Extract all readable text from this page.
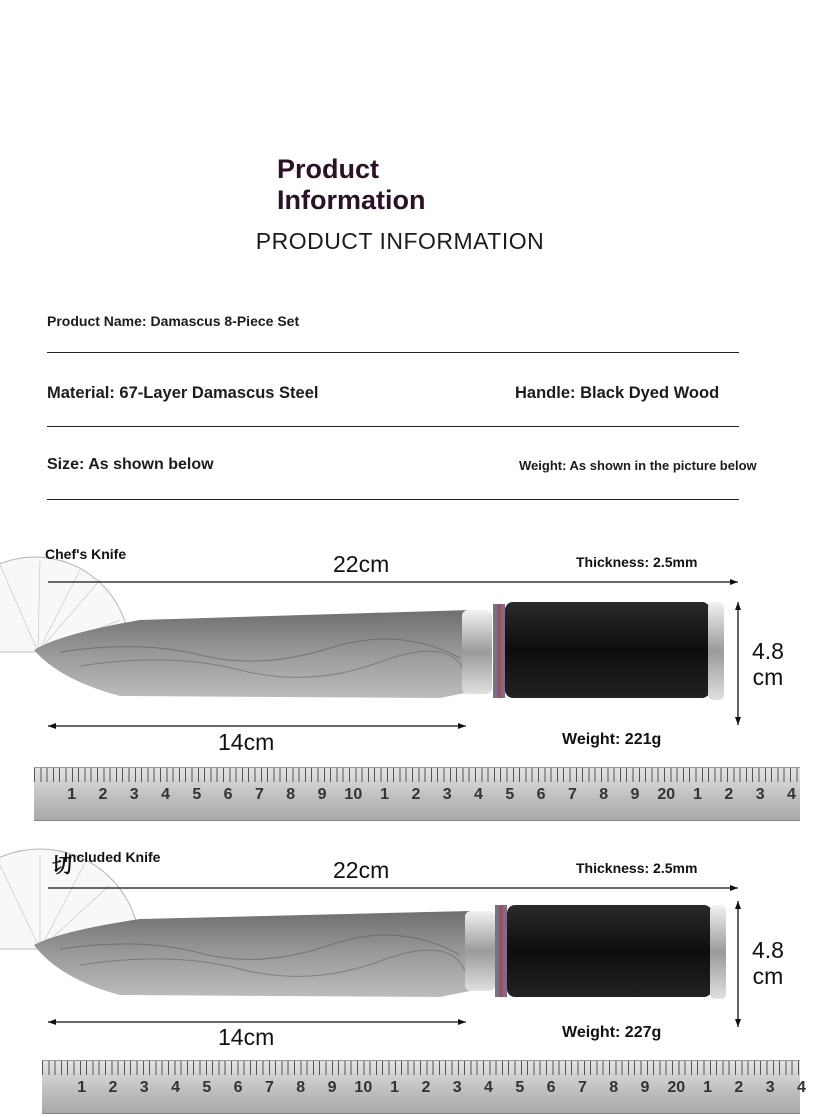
Product
Information
PRODUCT INFORMATION
Product Name: Damascus 8-Piece Set
Material: 67-Layer Damascus Steel	Handle: Black Dyed Wood
Size: As shown below	Weight: As shown in the picture below
Chef's Knife	22cm	Thickness: 2.5mm
4.8
cm
14cm	Weight: 221g
1	2	3	4	5	6	7	8	9	10	1	2	3	4	5	6	7	8	9	20	1	2	3	4
切
Included Knife	22cm	Thickness: 2.5mm
4.8
cm
14cm	Weight: 227g
1	2	3	4	5	6	7	8	9	10	1	2	3	4	5	6	7	8	9	20	1	2	3	4
